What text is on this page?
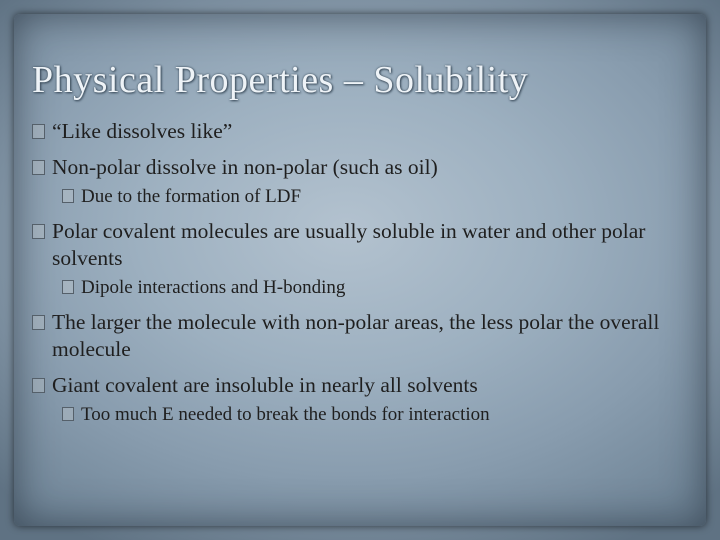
Physical Properties – Solubility
“Like dissolves like”
Non-polar dissolve in non-polar (such as oil)
Due to the formation of LDF
Polar covalent molecules are usually soluble in water and other polar solvents
Dipole interactions and H-bonding
The larger the molecule with non-polar areas, the less polar the overall molecule
Giant covalent are insoluble in nearly all solvents
Too much E needed to break the bonds for interaction
